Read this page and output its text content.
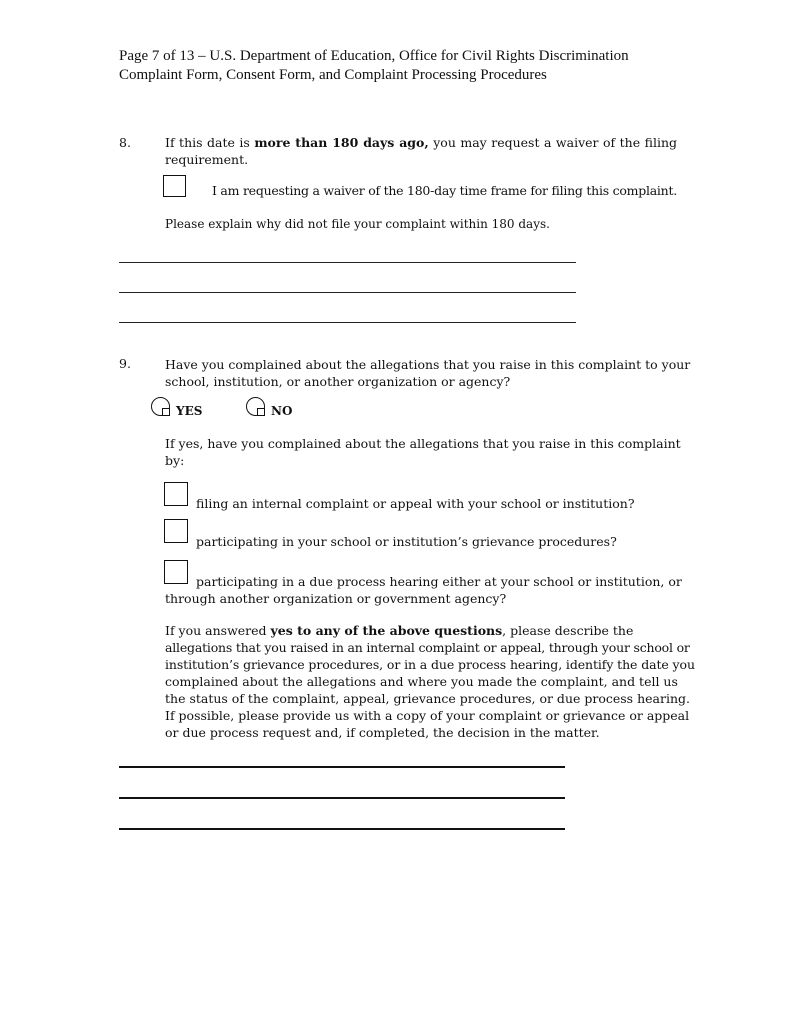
Page 7 of 13 – U.S. Department of Education, Office for Civil Rights Discrimination
Complaint Form, Consent Form, and Complaint Processing Procedures
8.	If this date is more than 180 days ago, you may request a waiver of the filing
requirement.
I am requesting a waiver of the 180-day time frame for filing this complaint.
Please explain why did not file your complaint within 180 days.
9.	Have you complained about the allegations that you raise in this complaint to your
school, institution, or another organization or agency?
YES	NO
If yes, have you complained about the allegations that you raise in this complaint
by:
filing an internal complaint or appeal with your school or institution?
participating in your school or institution’s grievance procedures?
participating in a due process hearing either at your school or institution, or
through another organization or government agency?
If you answered yes to any of the above questions, please describe the
allegations that you raised in an internal complaint or appeal, through your school or
institution’s grievance procedures, or in a due process hearing, identify the date you
complained about the allegations and where you made the complaint, and tell us
the status of the complaint, appeal, grievance procedures, or due process hearing.
If possible, please provide us with a copy of your complaint or grievance or appeal
or due process request and, if completed, the decision in the matter.
